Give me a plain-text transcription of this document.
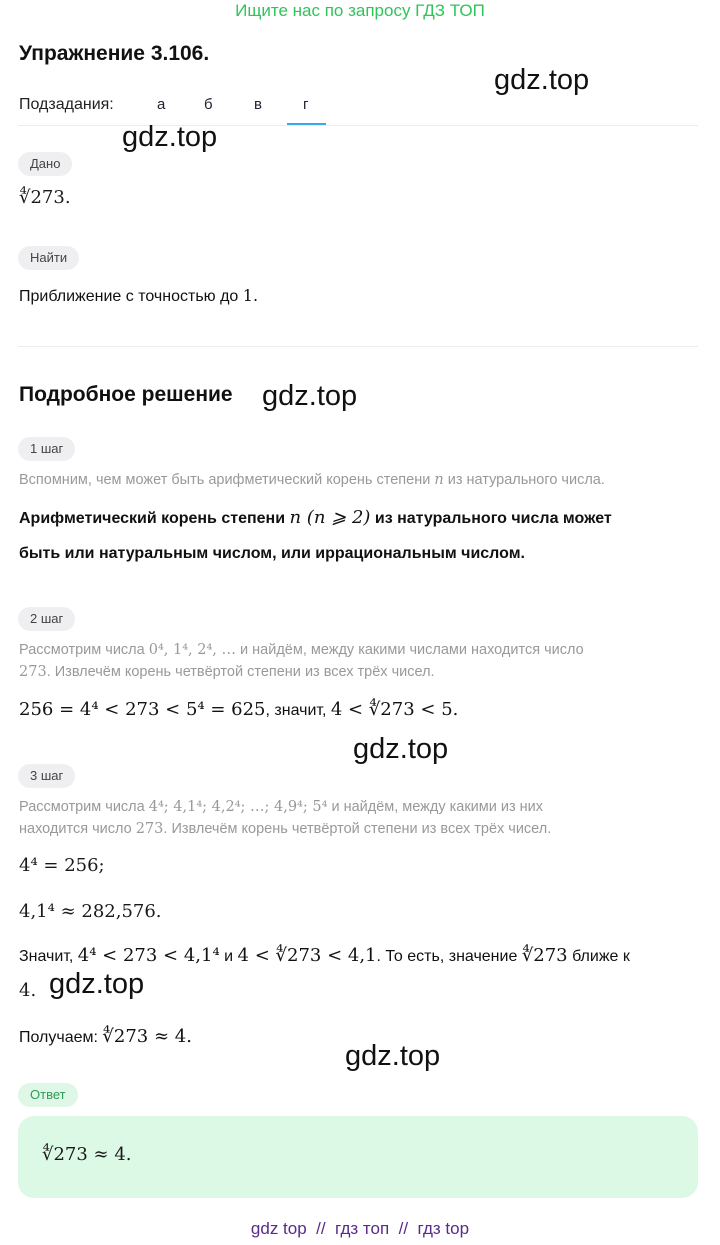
Ищите нас по запросу ГДЗ ТОП
Упражнение 3.106.
gdz.top
Подзадания:	а	б	в	г
gdz.top
Дано
∜273.
Найти
Приближение с точностью до 1.
Подробное решение gdz.top
1 шаг
Вспомним, чем может быть арифметический корень степени n из натурального числа.
Арифметический корень степени n (n ⩾ 2) из натурального числа может
быть или натуральным числом, или иррациональным числом.
2 шаг
Рассмотрим числа 0⁴, 1⁴, 2⁴, … и найдём, между какими числами находится число
273. Извлечём корень четвёртой степени из всех трёх чисел.
256 = 4⁴ < 273 < 5⁴ = 625, значит, 4 < ∜273 < 5.
gdz.top
3 шаг
Рассмотрим числа 4⁴; 4,1⁴; 4,2⁴; …; 4,9⁴; 5⁴ и найдём, между какими из них
находится число 273. Извлечём корень четвёртой степени из всех трёх чисел.
4⁴ = 256;
4,1⁴ ≈ 282,576.
Значит, 4⁴ < 273 < 4,1⁴ и 4 < ∜273 < 4,1. То есть, значение ∜273 ближе к
4. gdz.top
Получаем: ∜273 ≈ 4.
gdz.top
Ответ
∜273 ≈ 4.
gdz top // гдз топ // гдз top
